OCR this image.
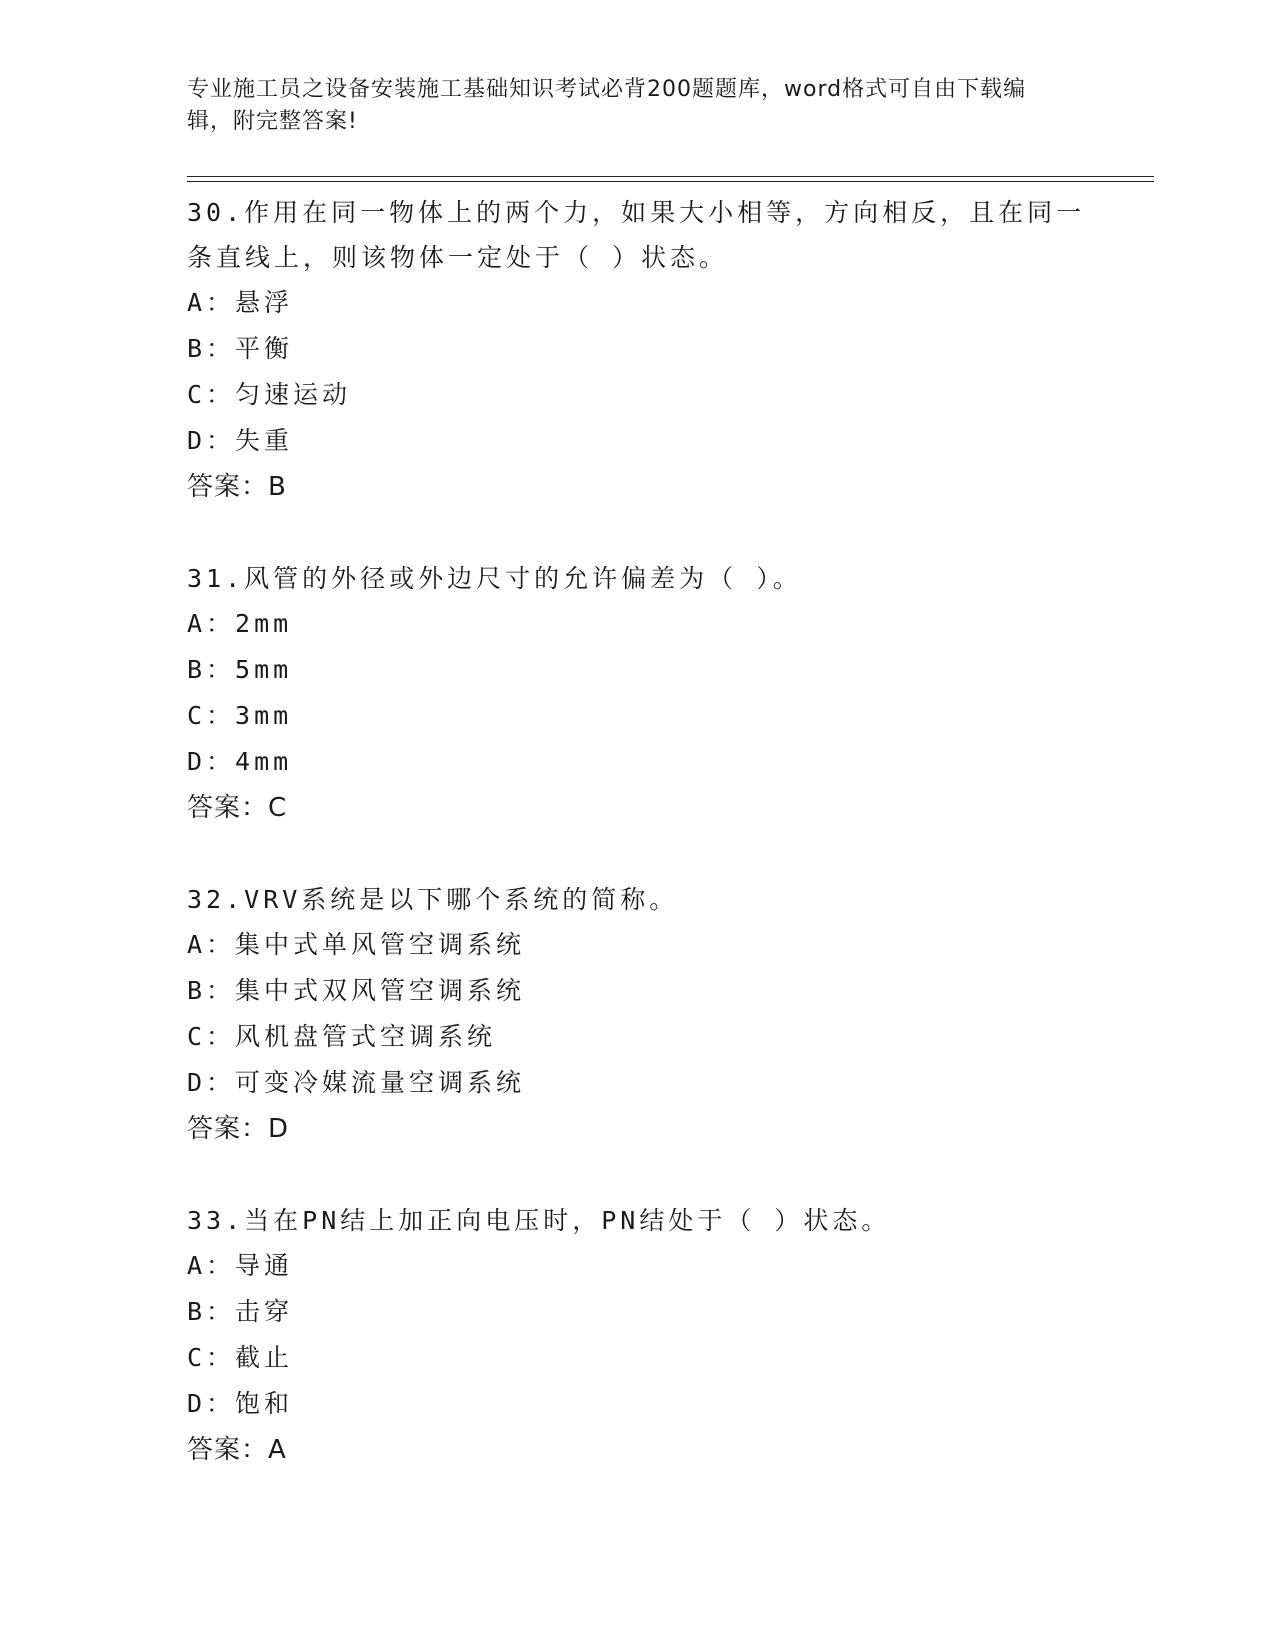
专业施工员之设备安装施工基础知识考试必背200题题库，word格式可自由下载编辑，附完整答案!

30.作用在同一物体上的两个力，如果大小相等，方向相反，且在同一条直线上，则该物体一定处于（ ）状态。

A：悬浮

B：平衡

C：匀速运动

D：失重

答案：B

31.风管的外径或外边尺寸的允许偏差为（ ）。

A：2mm

B：5mm

C：3mm

D：4mm

答案：C

32.VRV系统是以下哪个系统的简称。

A：集中式单风管空调系统

B：集中式双风管空调系统

C：风机盘管式空调系统

D：可变冷媒流量空调系统

答案：D

33.当在PN结上加正向电压时，PN结处于（ ）状态。

A：导通

B：击穿

C：截止

D：饱和

答案：A
